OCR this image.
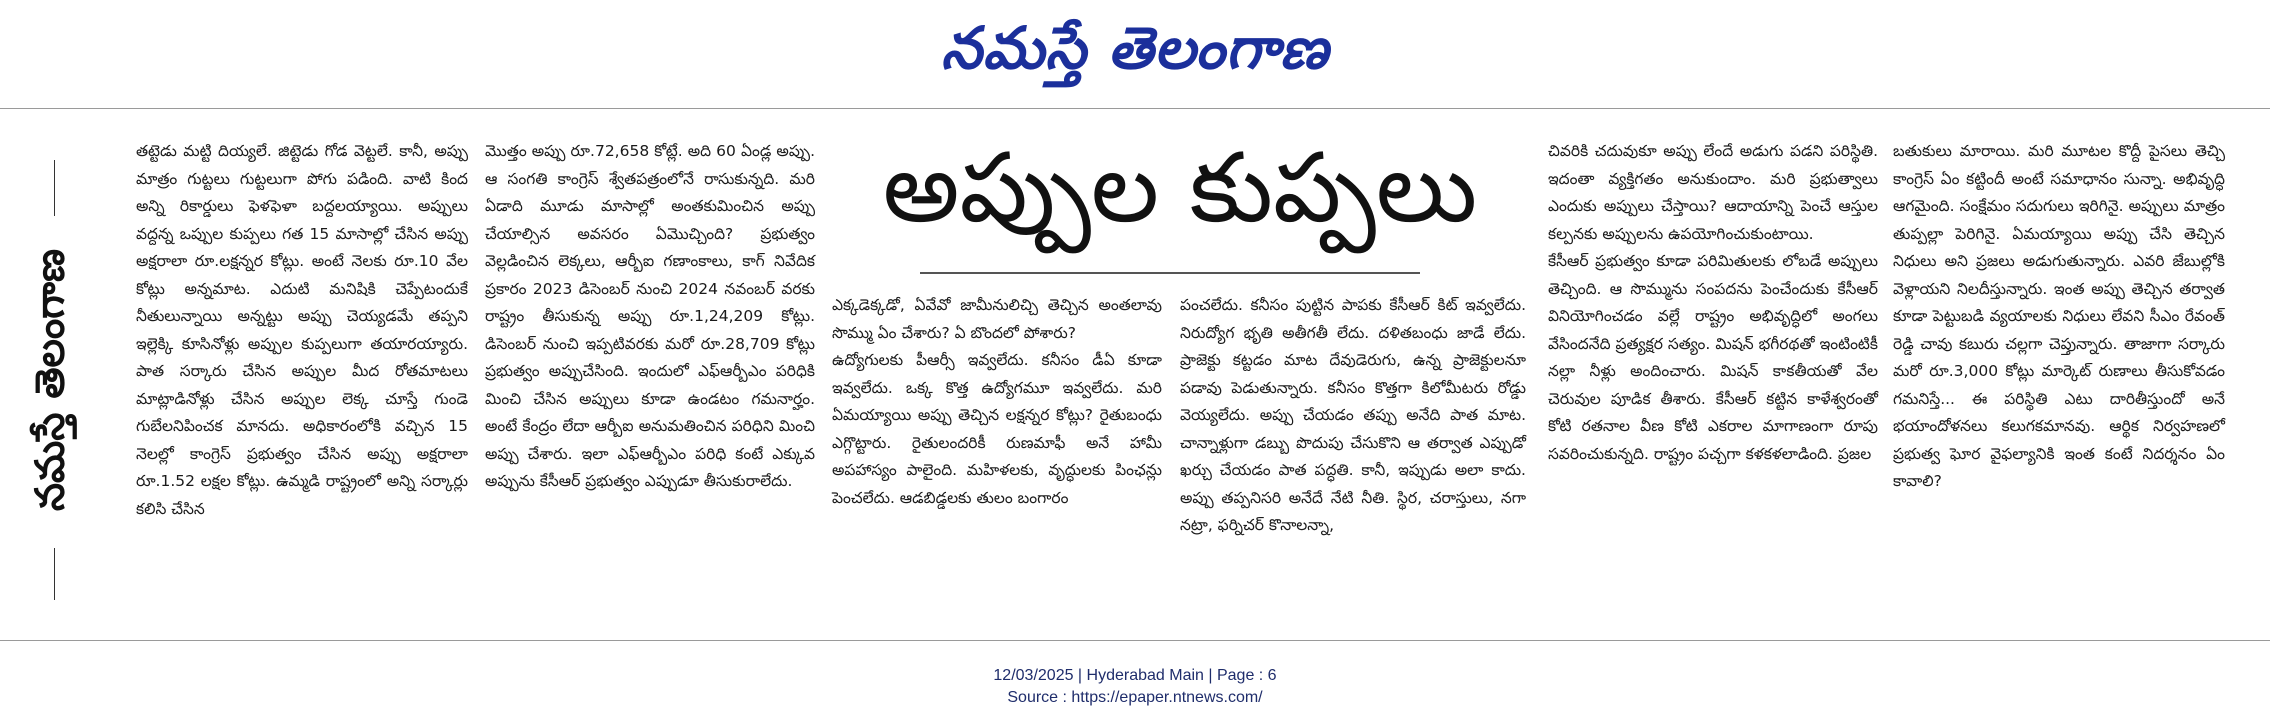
నమస్తే తెలంగాణ
నమస్తే తెలంగాణ
అప్పుల కుప్పలు

తట్టెడు మట్టి దియ్యలే. జిట్టెడు గోడ వెట్టలే. కానీ, అప్పు మాత్రం గుట్టలు గుట్టలుగా పోగు పడింది. వాటి కింద అన్ని రికార్డులు ఫెళఫెళా బద్దలయ్యాయి. అప్పులు వద్దన్న ఒప్పుల కుప్పలు గత 15 మాసాల్లో చేసిన అప్పు అక్షరాలా రూ.లక్షన్నర కోట్లు. అంటే నెలకు రూ.10 వేల కోట్లు అన్నమాట. ఎదుటి మనిషికి చెప్పేటందుకే నీతులున్నాయి అన్నట్టు అప్పు చెయ్యడమే తప్పని ఇల్లెక్కి కూసినోళ్లు అప్పుల కుప్పలుగా తయారయ్యారు. పాత సర్కారు చేసిన అప్పుల మీద రోతమాటలు మాట్లాడినోళ్లు చేసిన అప్పుల లెక్క చూస్తే గుండె గుబేలనిపించక మానదు. అధికారంలోకి వచ్చిన 15 నెలల్లో కాంగ్రెస్ ప్రభుత్వం చేసిన అప్పు అక్షరాలా రూ.1.52 లక్షల కోట్లు. ఉమ్మడి రాష్ట్రంలో అన్ని సర్కార్లు కలిసి చేసిన

మొత్తం అప్పు రూ.72,658 కోట్లే. అది 60 ఏండ్ల అప్పు. ఆ సంగతి కాంగ్రెస్ శ్వేతపత్రంలోనే రాసుకున్నది. మరి ఏడాది మూడు మాసాల్లో అంతకుమించిన అప్పు చేయాల్సిన అవసరం ఏమొచ్చింది? ప్రభుత్వం వెల్లడించిన లెక్కలు, ఆర్బీఐ గణాంకాలు, కాగ్ నివేదిక ప్రకారం 2023 డిసెంబర్ నుంచి 2024 నవంబర్ వరకు రాష్ట్రం తీసుకున్న అప్పు రూ.1,24,209 కోట్లు. డిసెంబర్ నుంచి ఇప్పటివరకు మరో రూ.28,709 కోట్లు ప్రభుత్వం అప్పుచేసింది. ఇందులో ఎఫ్ఆర్బీఎం పరిధికి మించి చేసిన అప్పులు కూడా ఉండటం గమనార్హం. అంటే కేంద్రం లేదా ఆర్బీఐ అనుమతించిన పరిధిని మించి అప్పు చేశారు. ఇలా ఎఫ్ఆర్బీఎం పరిధి కంటే ఎక్కువ అప్పును కేసీఆర్ ప్రభుత్వం ఎప్పుడూ తీసుకురాలేదు.

ఎక్కడెక్కడో, ఏవేవో జామీనులిచ్చి తెచ్చిన అంతలావు సొమ్ము ఏం చేశారు? ఏ బొందలో పోశారు?
ఉద్యోగులకు పీఆర్సీ ఇవ్వలేదు. కనీసం డీఏ కూడా ఇవ్వలేదు. ఒక్క కొత్త ఉద్యోగమూ ఇవ్వలేదు. మరి ఏమయ్యాయి అప్పు తెచ్చిన లక్షన్నర కోట్లు? రైతుబంధు ఎగ్గొట్టారు. రైతులందరికీ రుణమాఫీ అనే హామీ అపహాస్యం పాలైంది. మహిళలకు, వృద్ధులకు పింఛన్లు పెంచలేదు. ఆడబిడ్డలకు తులం బంగారం

పంచలేదు. కనీసం పుట్టిన పాపకు కేసీఆర్ కిట్ ఇవ్వలేదు. నిరుద్యోగ భృతి అతీగతీ లేదు. దళితబంధు జాడే లేదు. ప్రాజెక్టు కట్టడం మాట దేవుడెరుగు, ఉన్న ప్రాజెక్టులనూ పడావు పెడుతున్నారు. కనీసం కొత్తగా కిలోమీటరు రోడ్డు వెయ్యలేదు. అప్పు చేయడం తప్పు అనేది పాత మాట. చాన్నాళ్లుగా డబ్బు పొదుపు చేసుకొని ఆ తర్వాత ఎప్పుడో ఖర్చు చేయడం పాత పద్ధతి. కానీ, ఇప్పుడు అలా కాదు. అప్పు తప్పనిసరి అనేదే నేటి నీతి. స్థిర, చరాస్తులు, నగా నట్రా, ఫర్నిచర్ కొనాలన్నా,

చివరికి చదువుకూ అప్పు లేందే అడుగు పడని పరిస్థితి. ఇదంతా వ్యక్తిగతం అనుకుందాం. మరి ప్రభుత్వాలు ఎందుకు అప్పులు చేస్తాయి? ఆదాయాన్ని పెంచే ఆస్తుల కల్పనకు అప్పులను ఉపయోగించుకుంటాయి.
కేసీఆర్ ప్రభుత్వం కూడా పరిమితులకు లోబడే అప్పులు తెచ్చింది. ఆ సొమ్మును సంపదను పెంచేందుకు కేసీఆర్ వినియోగించడం వల్లే రాష్ట్రం అభివృద్ధిలో అంగలు వేసిందనేది ప్రత్యక్షర సత్యం. మిషన్ భగీరథతో ఇంటింటికీ నల్లా నీళ్లు అందించారు. మిషన్ కాకతీయతో వేల చెరువుల పూడిక తీశారు. కేసీఆర్ కట్టిన కాళేశ్వరంతో కోటి రతనాల వీణ కోటి ఎకరాల మాగాణంగా రూపు సవరించుకున్నది. రాష్ట్రం పచ్చగా కళకళలాడింది. ప్రజల

బతుకులు మారాయి. మరి మూటల కొద్దీ పైసలు తెచ్చి కాంగ్రెస్ ఏం కట్టిందీ అంటే సమాధానం సున్నా. అభివృద్ధి ఆగమైంది. సంక్షేమం సదుగులు ఇరిగినై. అప్పులు మాత్రం తుప్పల్లా పెరిగినై. ఏమయ్యాయి అప్పు చేసి తెచ్చిన నిధులు అని ప్రజలు అడుగుతున్నారు. ఎవరి జేబుల్లోకి వెళ్లాయని నిలదీస్తున్నారు. ఇంత అప్పు తెచ్చిన తర్వాత కూడా పెట్టుబడి వ్యయాలకు నిధులు లేవని సీఎం రేవంత్ రెడ్డి చావు కబురు చల్లగా చెప్తున్నారు. తాజాగా సర్కారు మరో రూ.3,000 కోట్లు మార్కెట్ రుణాలు తీసుకోవడం గమనిస్తే... ఈ పరిస్థితి ఎటు దారితీస్తుందో అనే భయాందోళనలు కలుగకమానవు. ఆర్థిక నిర్వహణలో ప్రభుత్వ ఘోర వైఫల్యానికి ఇంత కంటే నిదర్శనం ఏం కావాలి?

12/03/2025 | Hyderabad Main | Page : 6
Source : https://epaper.ntnews.com/
